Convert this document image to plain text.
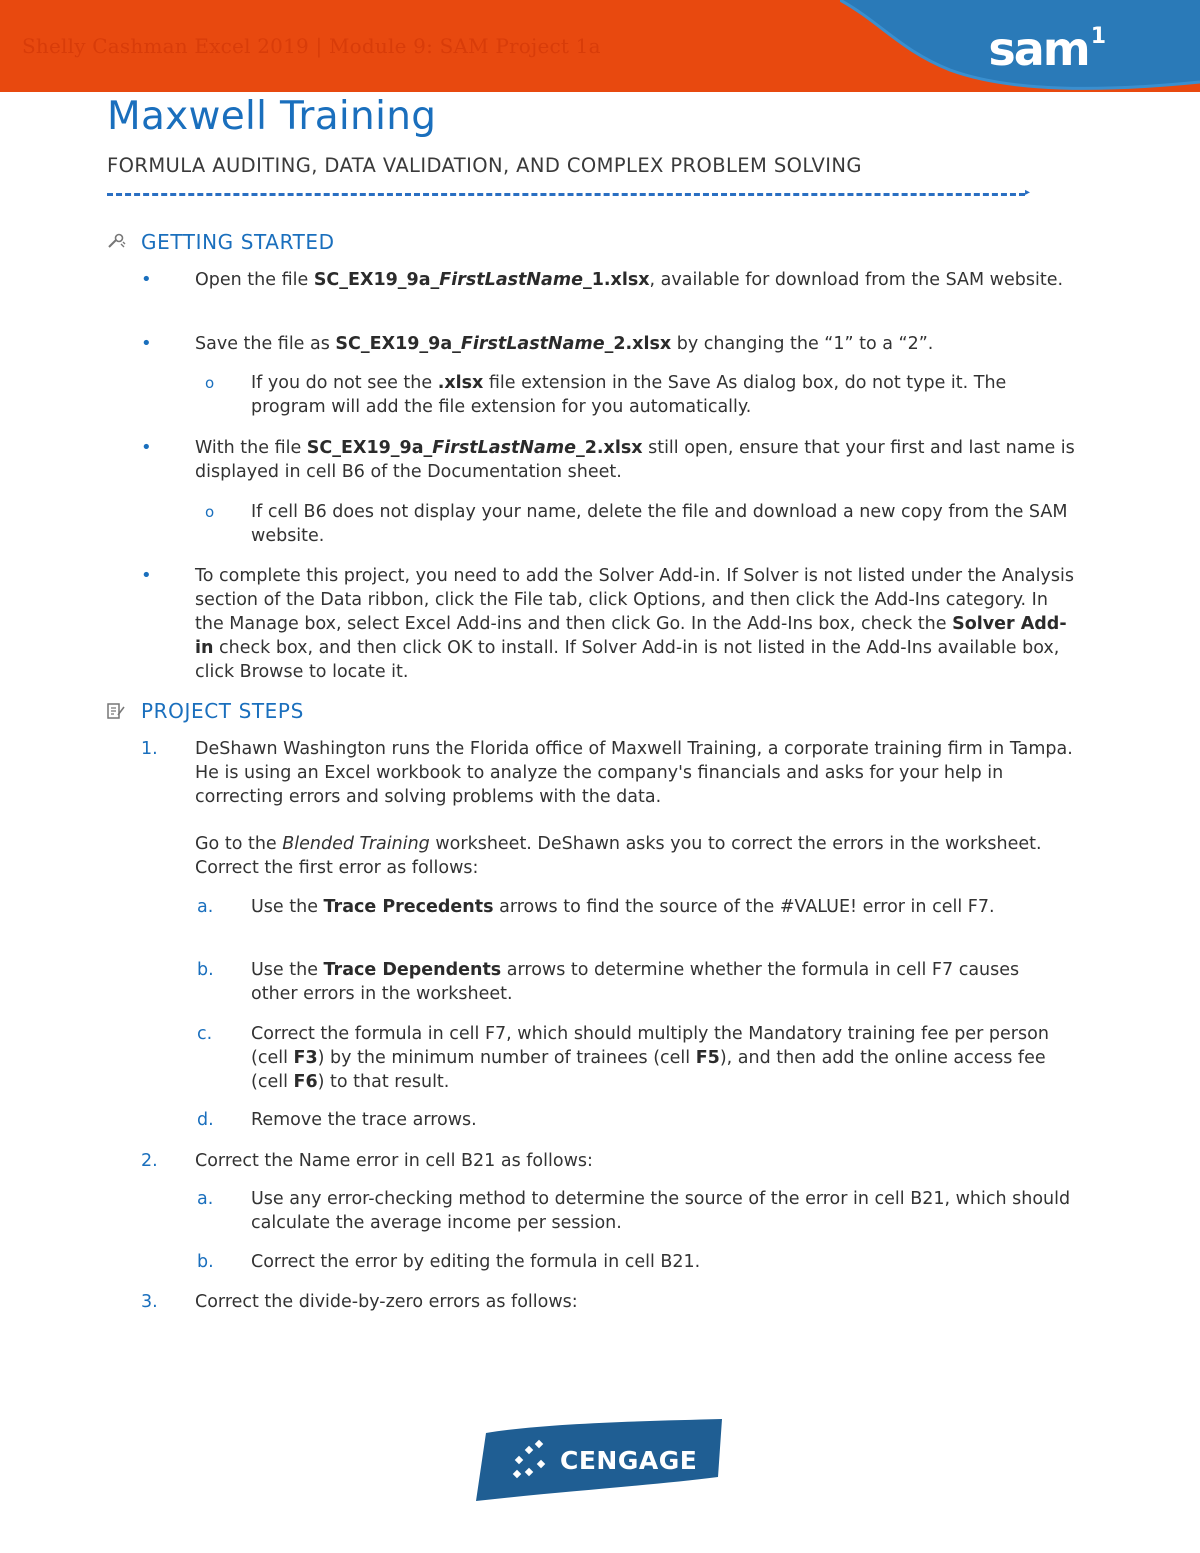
Shelly Cashman Excel 2019 | Module 9: SAM Project 1a	sam$^1$
Maxwell Training
FORMULA AUDITING, DATA VALIDATION, AND COMPLEX PROBLEM SOLVING
▸
GETTING STARTED
• Open the file SC_EX19_9a_FirstLastName_1.xlsx, available for download from the SAM website.
• Save the file as SC_EX19_9a_FirstLastName_2.xlsx by changing the “1” to a “2”.
o If you do not see the .xlsx file extension in the Save As dialog box, do not type it. The program will add the file extension for you automatically.
• With the file SC_EX19_9a_FirstLastName_2.xlsx still open, ensure that your first and last name is displayed in cell B6 of the Documentation sheet.
o If cell B6 does not display your name, delete the file and download a new copy from the SAM website.
• To complete this project, you need to add the Solver Add-in. If Solver is not listed under the Analysis section of the Data ribbon, click the File tab, click Options, and then click the Add-Ins category. In the Manage box, select Excel Add-ins and then click Go. In the Add-Ins box, check the Solver Add-in check box, and then click OK to install. If Solver Add-in is not listed in the Add-Ins available box, click Browse to locate it.
PROJECT STEPS
1. DeShawn Washington runs the Florida office of Maxwell Training, a corporate training firm in Tampa. He is using an Excel workbook to analyze the company's financials and asks for your help in correcting errors and solving problems with the data.
Go to the Blended Training worksheet. DeShawn asks you to correct the errors in the worksheet. Correct the first error as follows:
a. Use the Trace Precedents arrows to find the source of the #VALUE! error in cell F7.
b. Use the Trace Dependents arrows to determine whether the formula in cell F7 causes other errors in the worksheet.
c. Correct the formula in cell F7, which should multiply the Mandatory training fee per person (cell F3) by the minimum number of trainees (cell F5), and then add the online access fee (cell F6) to that result.
d. Remove the trace arrows.
2. Correct the Name error in cell B21 as follows:
a. Use any error-checking method to determine the source of the error in cell B21, which should calculate the average income per session.
b. Correct the error by editing the formula in cell B21.
3. Correct the divide-by-zero errors as follows:
CENGAGE
